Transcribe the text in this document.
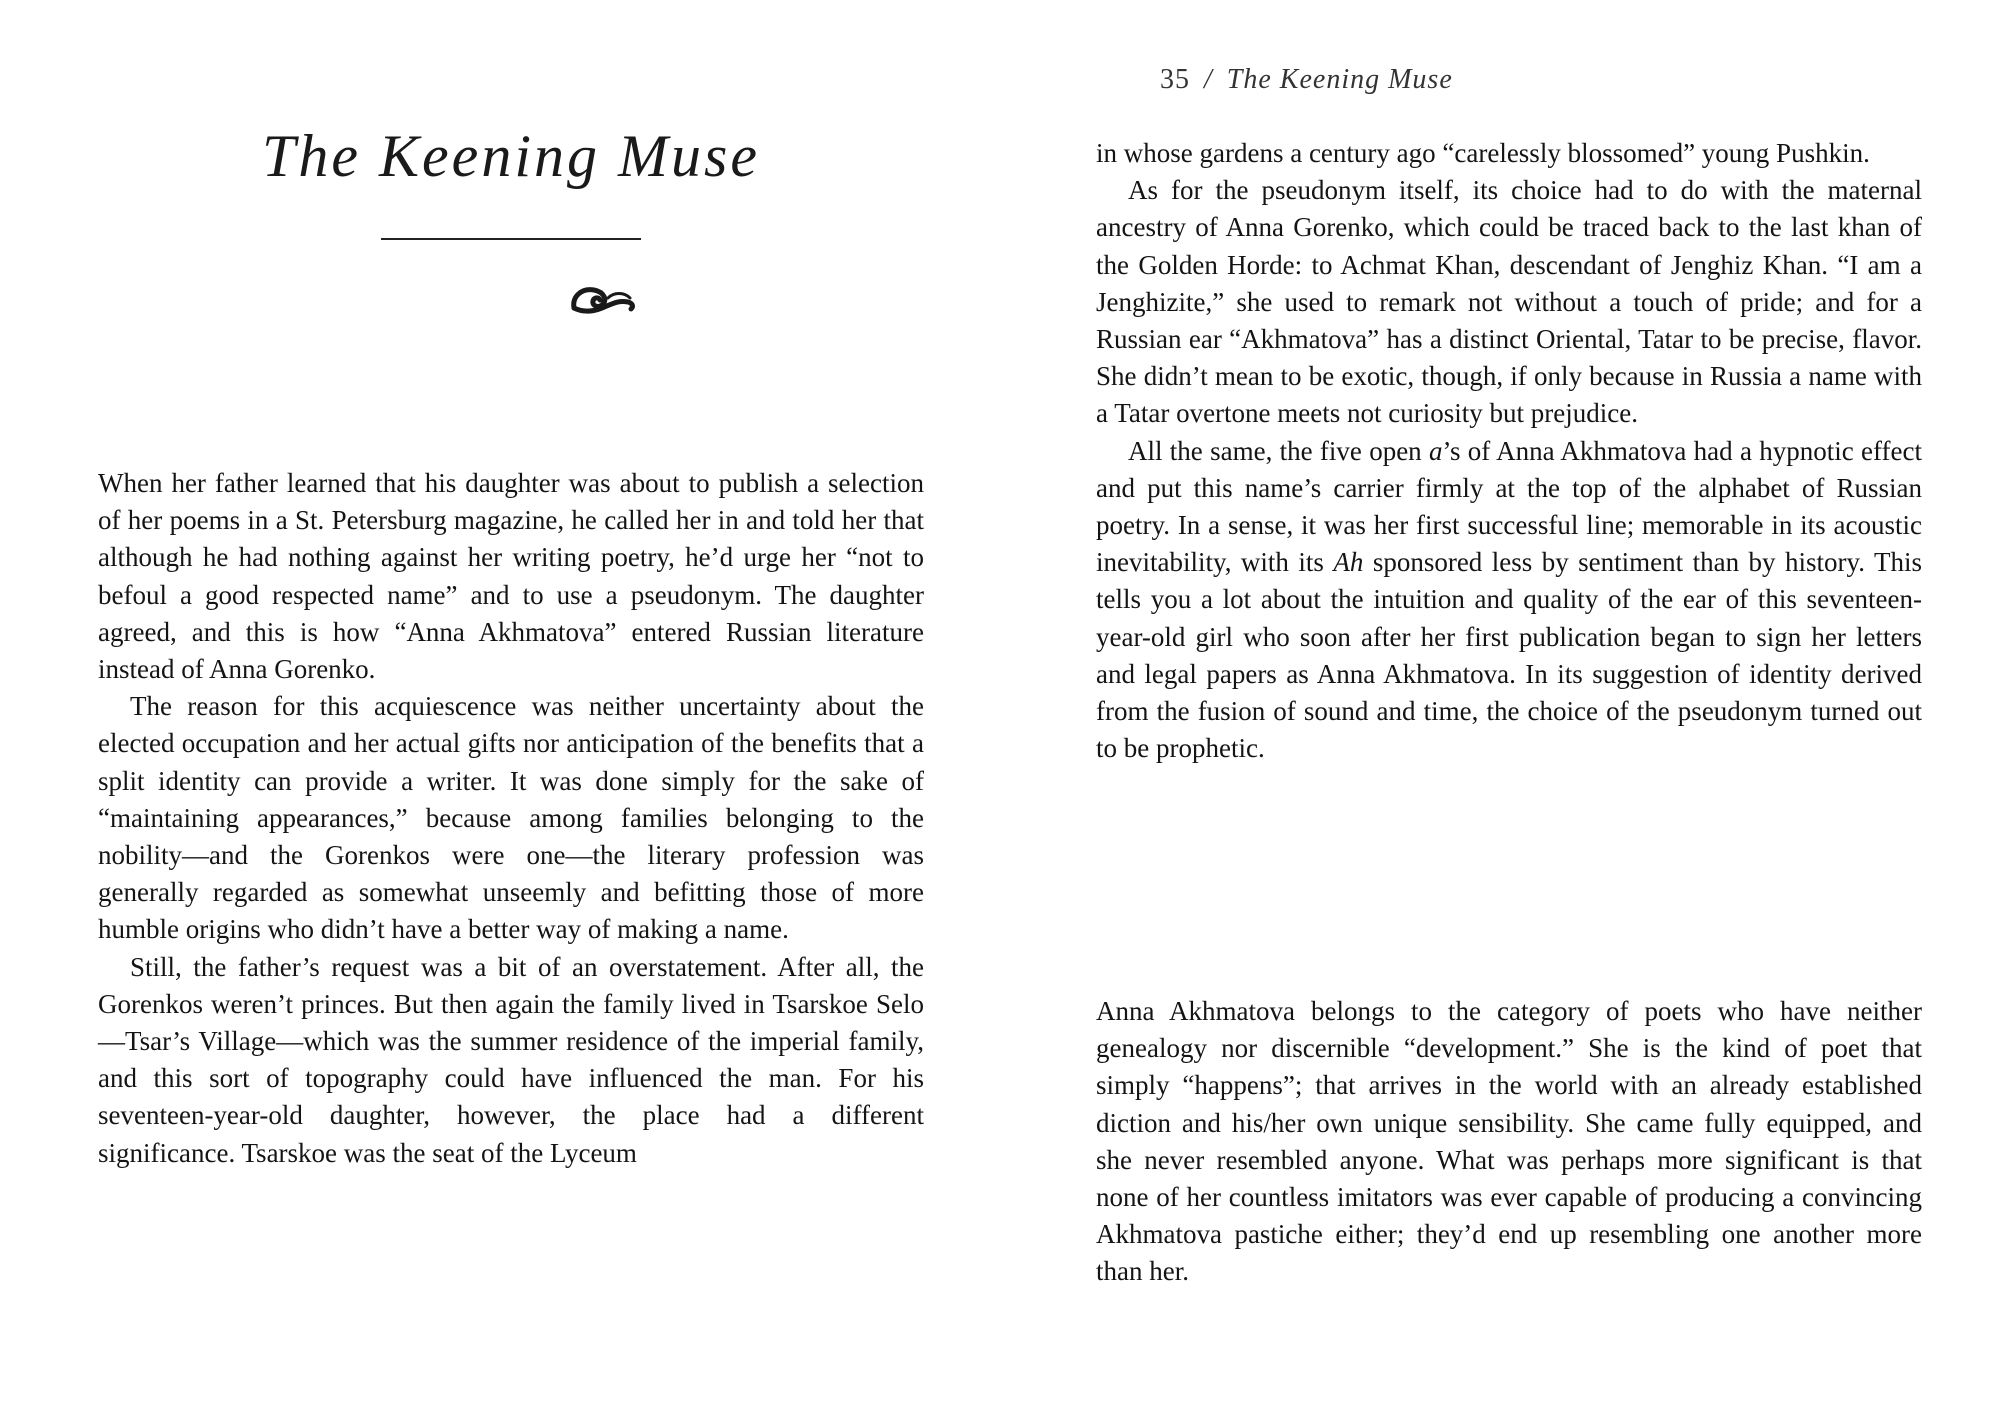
The Keening Muse

When her father learned that his daughter was about to publish a selection of her poems in a St. Petersburg magazine, he called her in and told her that although he had nothing against her writing poetry, he’d urge her “not to befoul a good respected name” and to use a pseudonym. The daughter agreed, and this is how “Anna Akhmatova” entered Russian literature instead of Anna Gorenko.

The reason for this acquiescence was neither uncertainty about the elected occupation and her actual gifts nor anticipation of the benefits that a split identity can provide a writer. It was done simply for the sake of “maintaining appearances,” because among families belonging to the nobility—and the Gorenkos were one—the literary profession was generally regarded as somewhat unseemly and befitting those of more humble origins who didn’t have a better way of making a name.

Still, the father’s request was a bit of an overstatement. After all, the Gorenkos weren’t princes. But then again the family lived in Tsarskoe Selo—Tsar’s Village—which was the summer residence of the imperial family, and this sort of topography could have influenced the man. For his seventeen-year-old daughter, however, the place had a different significance. Tsarskoe was the seat of the Lyceum

35 / The Keening Muse

in whose gardens a century ago “carelessly blossomed” young Pushkin.

As for the pseudonym itself, its choice had to do with the maternal ancestry of Anna Gorenko, which could be traced back to the last khan of the Golden Horde: to Achmat Khan, descendant of Jenghiz Khan. “I am a Jenghizite,” she used to remark not without a touch of pride; and for a Russian ear “Akhmatova” has a distinct Oriental, Tatar to be precise, flavor. She didn’t mean to be exotic, though, if only because in Russia a name with a Tatar overtone meets not curiosity but prejudice.

All the same, the five open a’s of Anna Akhmatova had a hypnotic effect and put this name’s carrier firmly at the top of the alphabet of Russian poetry. In a sense, it was her first successful line; memorable in its acoustic inevitability, with its Ah sponsored less by sentiment than by history. This tells you a lot about the intuition and quality of the ear of this seventeen-year-old girl who soon after her first publication began to sign her letters and legal papers as Anna Akhmatova. In its suggestion of identity derived from the fusion of sound and time, the choice of the pseudonym turned out to be prophetic.

Anna Akhmatova belongs to the category of poets who have neither genealogy nor discernible “development.” She is the kind of poet that simply “happens”; that arrives in the world with an already established diction and his/her own unique sensibility. She came fully equipped, and she never resembled anyone. What was perhaps more significant is that none of her countless imitators was ever capable of producing a convincing Akhmatova pastiche either; they’d end up resembling one another more than her.
